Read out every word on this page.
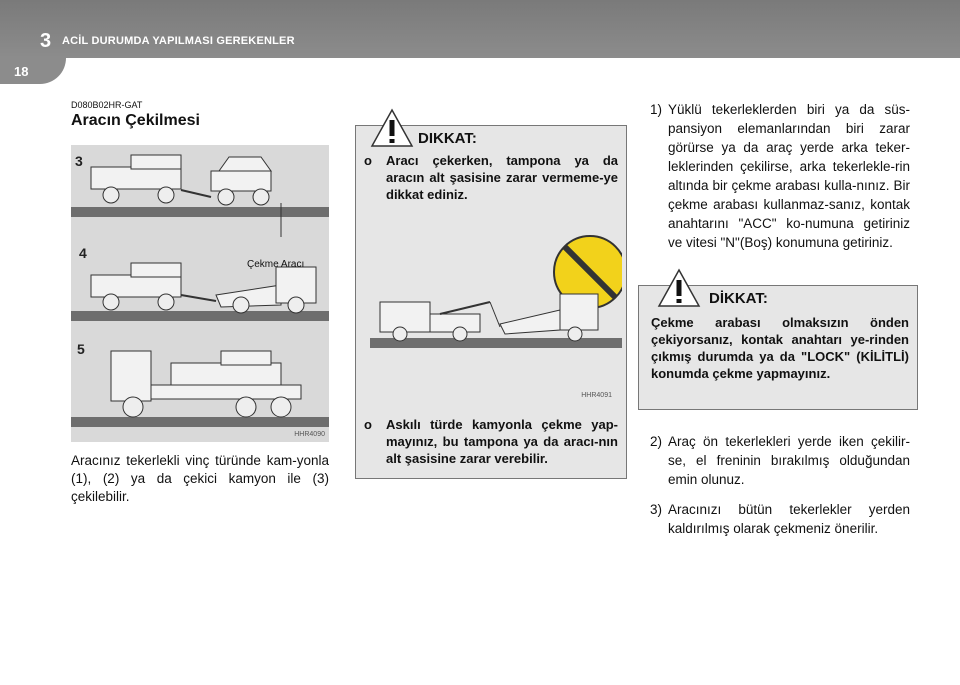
3 ACİL DURUMDA YAPILMASI GEREKENLER
18
D080B02HR-GAT
Aracın Çekilmesi
3
4
5
Çekme Aracı
HHR4090
Aracınız tekerlekli vinç türünde kam-yonla (1), (2) ya da çekici kamyon ile (3) çekilebilir.
DIKKAT:
o Aracı çekerken, tampona ya da aracın alt şasisine zarar vermeme-ye dikkat ediniz.
HHR4091
o Askılı türde kamyonla çekme yap-mayınız, bu tampona ya da aracı-nın alt şasisine zarar verebilir.
1) Yüklü tekerleklerden biri ya da süs-pansiyon elemanlarından biri zarar görürse ya da araç yerde arka teker-leklerinden çekilirse, arka tekerlekle-rin altında bir çekme arabası kulla-nınız. Bir çekme arabası kullanmaz-sanız, kontak anahtarını "ACC" ko-numuna getiriniz ve vitesi "N"(Boş) konumuna getiriniz.
DİKKAT:
Çekme arabası olmaksızın önden çekiyorsanız, kontak anahtarı ye-rinden çıkmış durumda ya da "LOCK" (KİLİTLİ) konumda çekme yapmayınız.
2) Araç ön tekerlekleri yerde iken çekilir-se, el freninin bırakılmış olduğundan emin olunuz.
3) Aracınızı bütün tekerlekler yerden kaldırılmış olarak çekmeniz önerilir.
